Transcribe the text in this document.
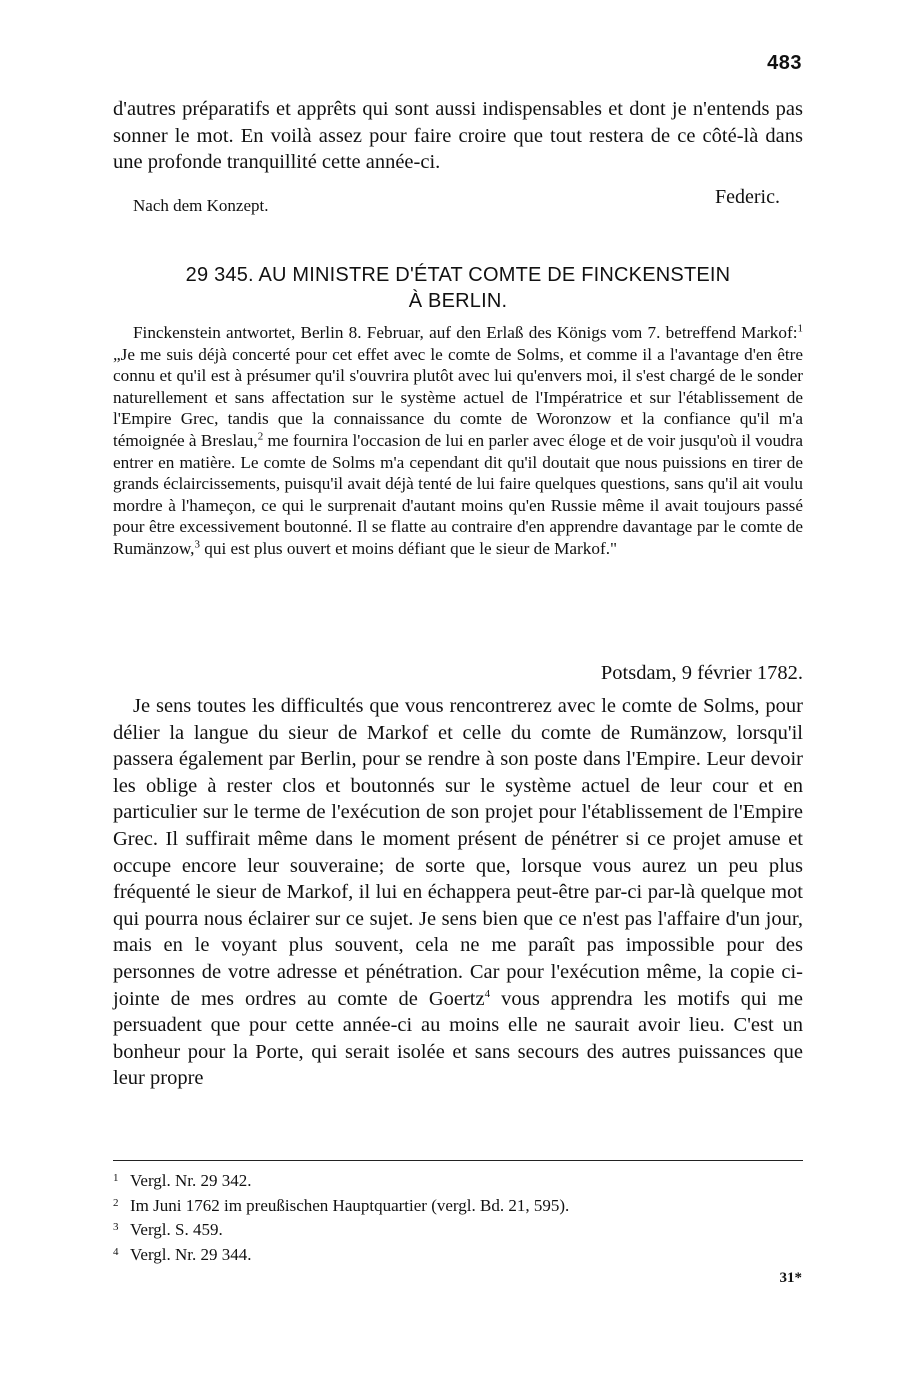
483

d'autres préparatifs et apprêts qui sont aussi indispensables et dont je n'entends pas sonner le mot. En voilà assez pour faire croire que tout restera de ce côté-là dans une profonde tranquillité cette année-ci.

Nach dem Konzept.	Federic.
29 345. AU MINISTRE D'ÉTAT COMTE DE FINCKENSTEIN
À BERLIN.
Finckenstein antwortet, Berlin 8. Februar, auf den Erlaß des Königs vom 7. betreffend Markof:$^1$ „Je me suis déjà concerté pour cet effet avec le comte de Solms, et comme il a l'avantage d'en être connu et qu'il est à présumer qu'il s'ouvrira plutôt avec lui qu'envers moi, il s'est chargé de le sonder naturellement et sans affectation sur le système actuel de l'Impératrice et sur l'établissement de l'Empire Grec, tandis que la connaissance du comte de Woronzow et la confiance qu'il m'a témoignée à Breslau,$^2$ me fournira l'occasion de lui en parler avec éloge et de voir jusqu'où il voudra entrer en matière. Le comte de Solms m'a cependant dit qu'il doutait que nous puissions en tirer de grands éclaircissements, puisqu'il avait déjà tenté de lui faire quelques questions, sans qu'il ait voulu mordre à l'hameçon, ce qui le surprenait d'autant moins qu'en Russie même il avait toujours passé pour être excessivement boutonné. Il se flatte au contraire d'en apprendre davantage par le comte de Rumänzow,$^3$ qui est plus ouvert et moins défiant que le sieur de Markof."
Potsdam, 9 février 1782.
Je sens toutes les difficultés que vous rencontrerez avec le comte de Solms, pour délier la langue du sieur de Markof et celle du comte de Rumänzow, lorsqu'il passera également par Berlin, pour se rendre à son poste dans l'Empire. Leur devoir les oblige à rester clos et boutonnés sur le système actuel de leur cour et en particulier sur le terme de l'exécution de son projet pour l'établissement de l'Empire Grec. Il suffirait même dans le moment présent de pénétrer si ce projet amuse et occupe encore leur souveraine; de sorte que, lorsque vous aurez un peu plus fréquenté le sieur de Markof, il lui en échappera peut-être par-ci par-là quelque mot qui pourra nous éclairer sur ce sujet. Je sens bien que ce n'est pas l'affaire d'un jour, mais en le voyant plus souvent, cela ne me paraît pas impossible pour des personnes de votre adresse et pénétration. Car pour l'exécution même, la copie ci-jointe de mes ordres au comte de Goertz$^4$ vous apprendra les motifs qui me persuadent que pour cette année-ci au moins elle ne saurait avoir lieu. C'est un bonheur pour la Porte, qui serait isolée et sans secours des autres puissances que leur propre
1 Vergl. Nr. 29 342.
2 Im Juni 1762 im preußischen Hauptquartier (vergl. Bd. 21, 595).
3 Vergl. S. 459.
4 Vergl. Nr. 29 344.
31*
